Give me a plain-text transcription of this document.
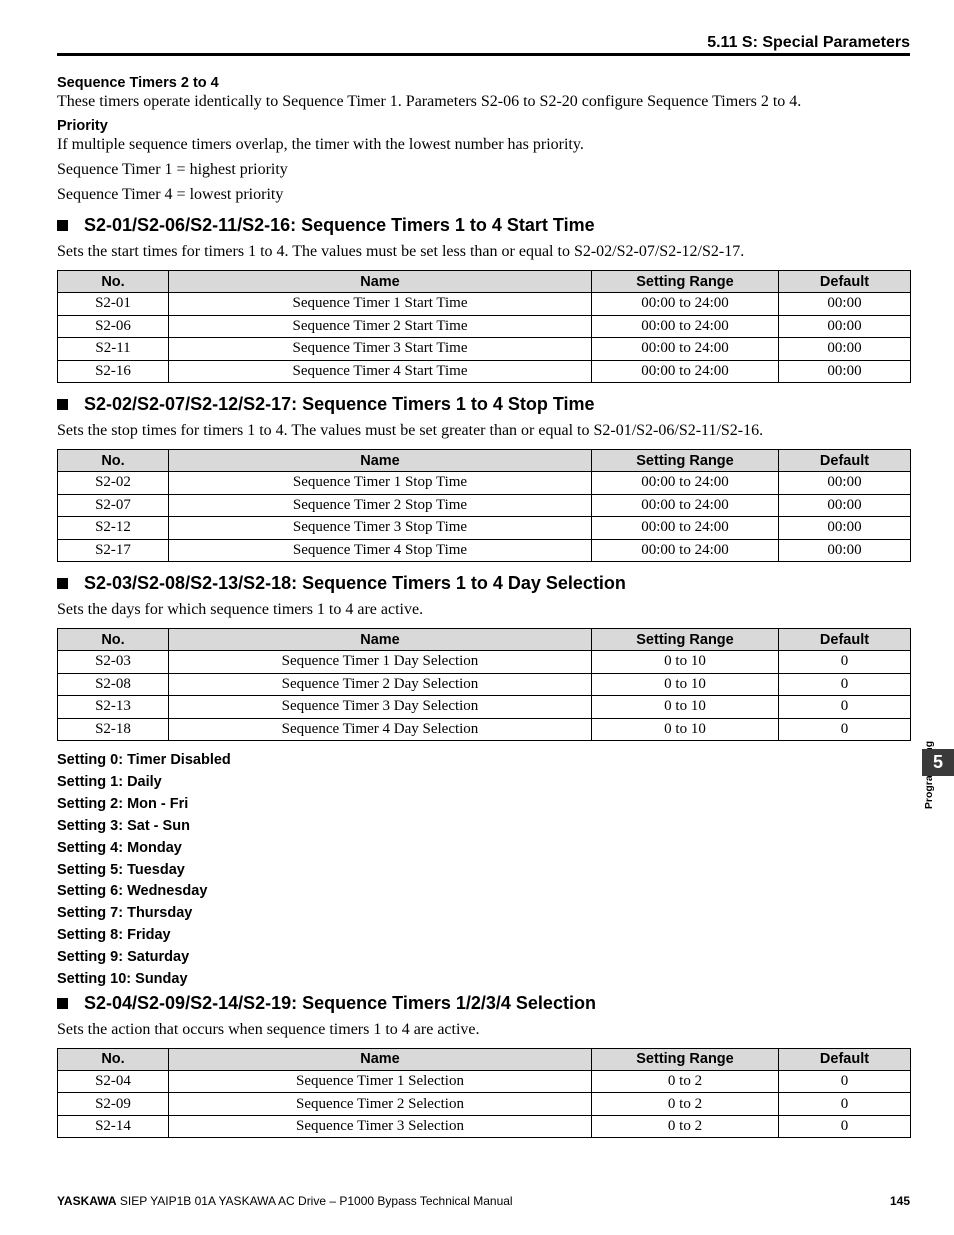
5.11 S: Special Parameters

Sequence Timers 2 to 4

These timers operate identically to Sequence Timer 1. Parameters S2-06 to S2-20 configure Sequence Timers 2 to 4.

Priority

If multiple sequence timers overlap, the timer with the lowest number has priority.

Sequence Timer 1 = highest priority

Sequence Timer 4 = lowest priority

S2-01/S2-06/S2-11/S2-16: Sequence Timers 1 to 4 Start Time

Sets the start times for timers 1 to 4. The values must be set less than or equal to S2-02/S2-07/S2-12/S2-17.

No.	Name	Setting Range	Default
S2-01	Sequence Timer 1 Start Time	00:00 to 24:00	00:00
S2-06	Sequence Timer 2 Start Time	00:00 to 24:00	00:00
S2-11	Sequence Timer 3 Start Time	00:00 to 24:00	00:00
S2-16	Sequence Timer 4 Start Time	00:00 to 24:00	00:00
S2-02/S2-07/S2-12/S2-17: Sequence Timers 1 to 4 Stop Time

Sets the stop times for timers 1 to 4. The values must be set greater than or equal to S2-01/S2-06/S2-11/S2-16.

No.	Name	Setting Range	Default
S2-02	Sequence Timer 1 Stop Time	00:00 to 24:00	00:00
S2-07	Sequence Timer 2 Stop Time	00:00 to 24:00	00:00
S2-12	Sequence Timer 3 Stop Time	00:00 to 24:00	00:00
S2-17	Sequence Timer 4 Stop Time	00:00 to 24:00	00:00
S2-03/S2-08/S2-13/S2-18: Sequence Timers 1 to 4 Day Selection

Sets the days for which sequence timers 1 to 4 are active.

No.	Name	Setting Range	Default
S2-03	Sequence Timer 1 Day Selection	0 to 10	0
S2-08	Sequence Timer 2 Day Selection	0 to 10	0
S2-13	Sequence Timer 3 Day Selection	0 to 10	0
S2-18	Sequence Timer 4 Day Selection	0 to 10	0
Setting 0: Timer Disabled
Setting 1: Daily
Setting 2: Mon - Fri
Setting 3: Sat - Sun
Setting 4: Monday
Setting 5: Tuesday
Setting 6: Wednesday
Setting 7: Thursday
Setting 8: Friday
Setting 9: Saturday
Setting 10: Sunday
S2-04/S2-09/S2-14/S2-19: Sequence Timers 1/2/3/4 Selection

Sets the action that occurs when sequence timers 1 to 4 are active.

No.	Name	Setting Range	Default
S2-04	Sequence Timer 1 Selection	0 to 2	0
S2-09	Sequence Timer 2 Selection	0 to 2	0
S2-14	Sequence Timer 3 Selection	0 to 2	0
5
YASKAWA SIEP YAIP1B 01A YASKAWA AC Drive – P1000 Bypass Technical Manual	145
